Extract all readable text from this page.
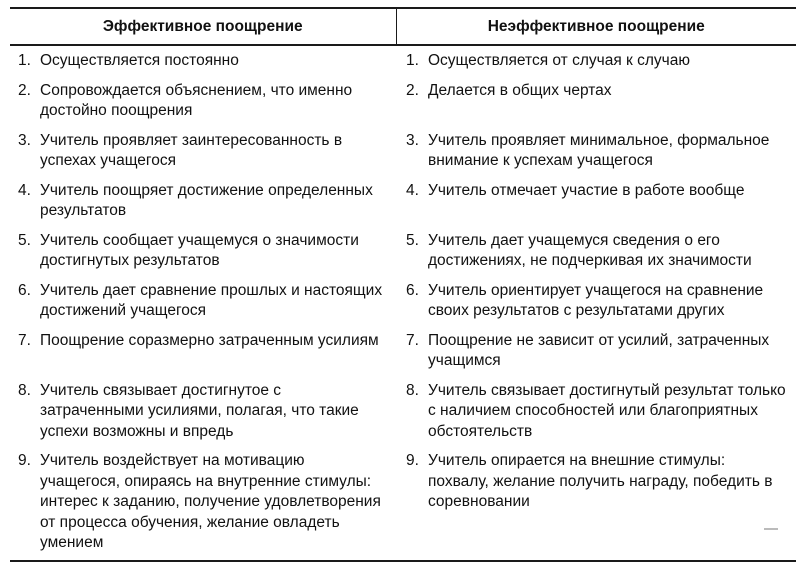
Эффективное поощрение	Неэффективное поощрение

1. Осуществляется постоянно	1. Осуществляется от случая к случаю

2. Сопровождается объяснением, что именно достойно поощрения	2. Делается в общих чертах

3. Учитель проявляет заинтересованность в успехах учащегося	3. Учитель проявляет минимальное, формальное внимание к успехам учащегося

4. Учитель поощряет достижение определенных результатов	4. Учитель отмечает участие в работе вообще

5. Учитель сообщает учащемуся о значимости достигнутых результатов	5. Учитель дает учащемуся сведения о его достижениях, не подчеркивая их значимости

6. Учитель дает сравнение прошлых и настоящих достижений учащегося	6. Учитель ориентирует учащегося на сравнение своих результатов с результатами других

7. Поощрение соразмерно затраченным усилиям	7. Поощрение не зависит от усилий, затраченных учащимся

8. Учитель связывает достигнутое с затраченными усилиями, полагая, что такие успехи возможны и впредь	8. Учитель связывает достигнутый результат только с наличием способностей или благоприятных обстоятельств

9. Учитель воздействует на мотивацию учащегося, опираясь на внутренние стимулы: интерес к заданию, получение удовлетворения от процесса обучения, желание овладеть умением	9. Учитель опирается на внешние стимулы: похвалу, желание получить награду, победить в соревновании
